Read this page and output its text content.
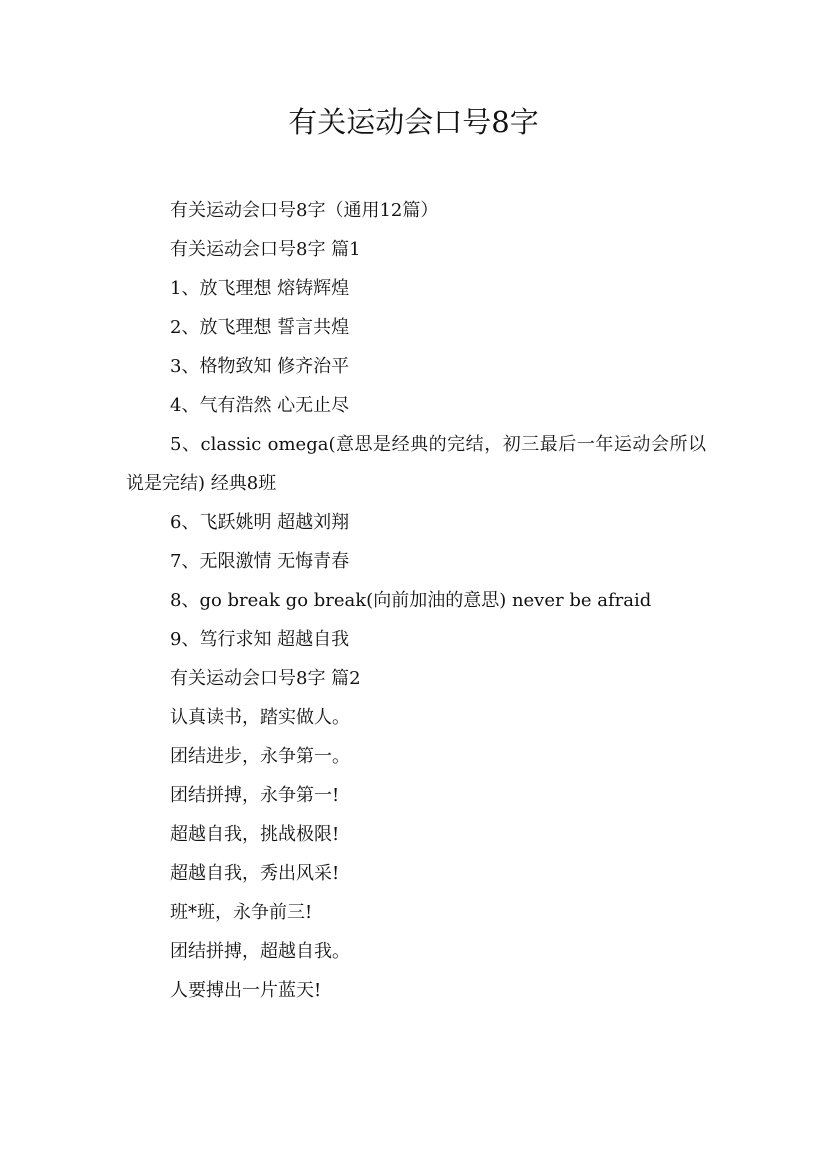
有关运动会口号8字

有关运动会口号8字（通用12篇）

有关运动会口号8字 篇1

1、放飞理想 熔铸辉煌

2、放飞理想 誓言共煌

3、格物致知 修齐治平

4、气有浩然 心无止尽

5、classic omega(意思是经典的完结，初三最后一年运动会所以说是完结) 经典8班

6、飞跃姚明 超越刘翔

7、无限激情 无悔青春

8、go break go break(向前加油的意思) never be afraid

9、笃行求知 超越自我

有关运动会口号8字 篇2

认真读书，踏实做人。

团结进步，永争第一。

团结拼搏，永争第一!

超越自我，挑战极限!

超越自我，秀出风采!

班*班，永争前三!

团结拼搏，超越自我。

人要搏出一片蓝天!
